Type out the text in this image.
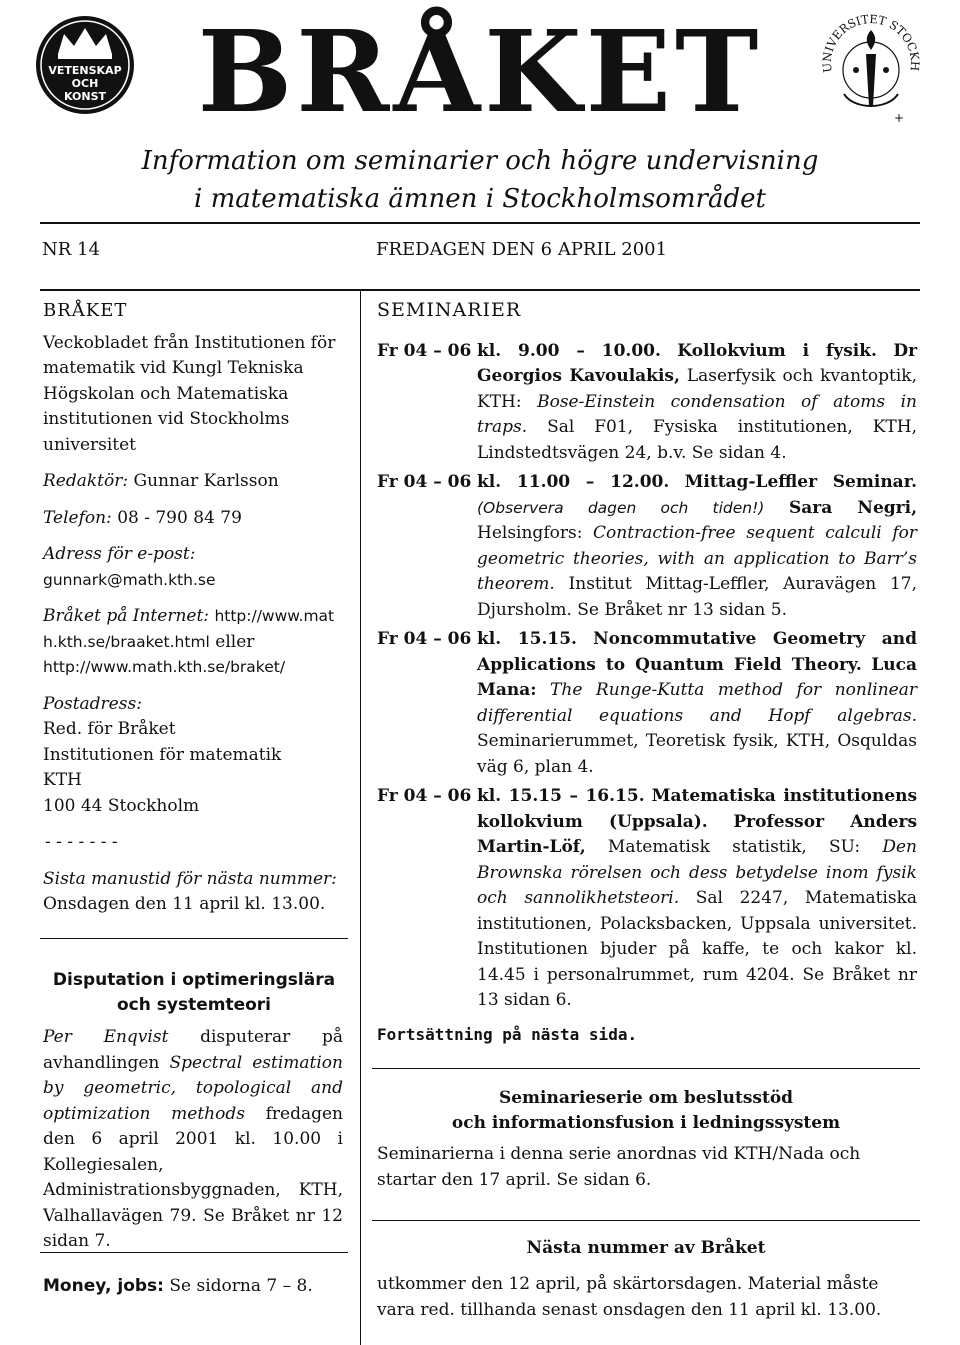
VETENSKAP
OCH
KONST BRÅKET	UNIVERSITET STOCKH
+
Information om seminarier och högre undervisning
i matematiska ämnen i Stockholmsområdet
NR 14	FREDAGEN DEN 6 APRIL 2001

BRÅKET

Veckobladet från Institutionen för matematik vid Kungl Tekniska Högskolan och Matematiska institutionen vid Stockholms universitet

Redaktör: Gunnar Karlsson

Telefon: 08 - 790 84 79

Adress för e-post:

gunnark@math.kth.se

Bråket på Internet: http://www.math.kth.se/braaket.html eller http://www.math.kth.se/braket/

Postadress:

Red. för Bråket

Institutionen för matematik

KTH

100 44 Stockholm

- - - - - - -

Sista manustid för nästa nummer:

Onsdagen den 11 april kl. 13.00.

Disputation i optimeringslära och systemteori
Per Enqvist disputerar på avhandlingen Spectral estimation by geometric, topological and optimization methods fredagen den 6 april 2001 kl. 10.00 i Kollegiesalen, Administrationsbyggnaden, KTH, Valhallavägen 79. Se Bråket nr 12 sidan 7.
Money, jobs: Se sidorna 7 – 8.

SEMINARIER

Fr 04 – 06 kl. 9.00 – 10.00. Kollokvium i fysik. Dr Georgios Kavoulakis, Laserfysik och kvantoptik, KTH: Bose-Einstein condensation of atoms in traps. Sal F01, Fysiska institutionen, KTH, Lindstedtsvägen 24, b.v. Se sidan 4.
Fr 04 – 06 kl. 11.00 – 12.00. Mittag-Leffler Seminar. (Observera dagen och tiden!) Sara Negri, Helsingfors: Contraction-free sequent calculi for geometric theories, with an application to Barr’s theorem. Institut Mittag-Leffler, Auravägen 17, Djursholm. Se Bråket nr 13 sidan 5.
Fr 04 – 06 kl. 15.15. Noncommutative Geometry and Applications to Quantum Field Theory. Luca Mana: The Runge-Kutta method for nonlinear differential equations and Hopf algebras. Seminarierummet, Teoretisk fysik, KTH, Osquldas väg 6, plan 4.
Fr 04 – 06 kl. 15.15 – 16.15. Matematiska institutionens kollokvium (Uppsala). Professor Anders Martin-Löf, Matematisk statistik, SU: Den Brownska rörelsen och dess betydelse inom fysik och sannolikhetsteori. Sal 2247, Matematiska institutionen, Polacksbacken, Uppsala universitet. Institutionen bjuder på kaffe, te och kakor kl. 14.45 i personalrummet, rum 4204. Se Bråket nr 13 sidan 6.

Fortsättning på nästa sida.

Seminarieserie om beslutsstöd
och informationsfusion i ledningssystem
Seminarierna i denna serie anordnas vid KTH/Nada och startar den 17 april. Se sidan 6.
Nästa nummer av Bråket
utkommer den 12 april, på skärtorsdagen. Material måste vara red. tillhanda senast onsdagen den 11 april kl. 13.00.
